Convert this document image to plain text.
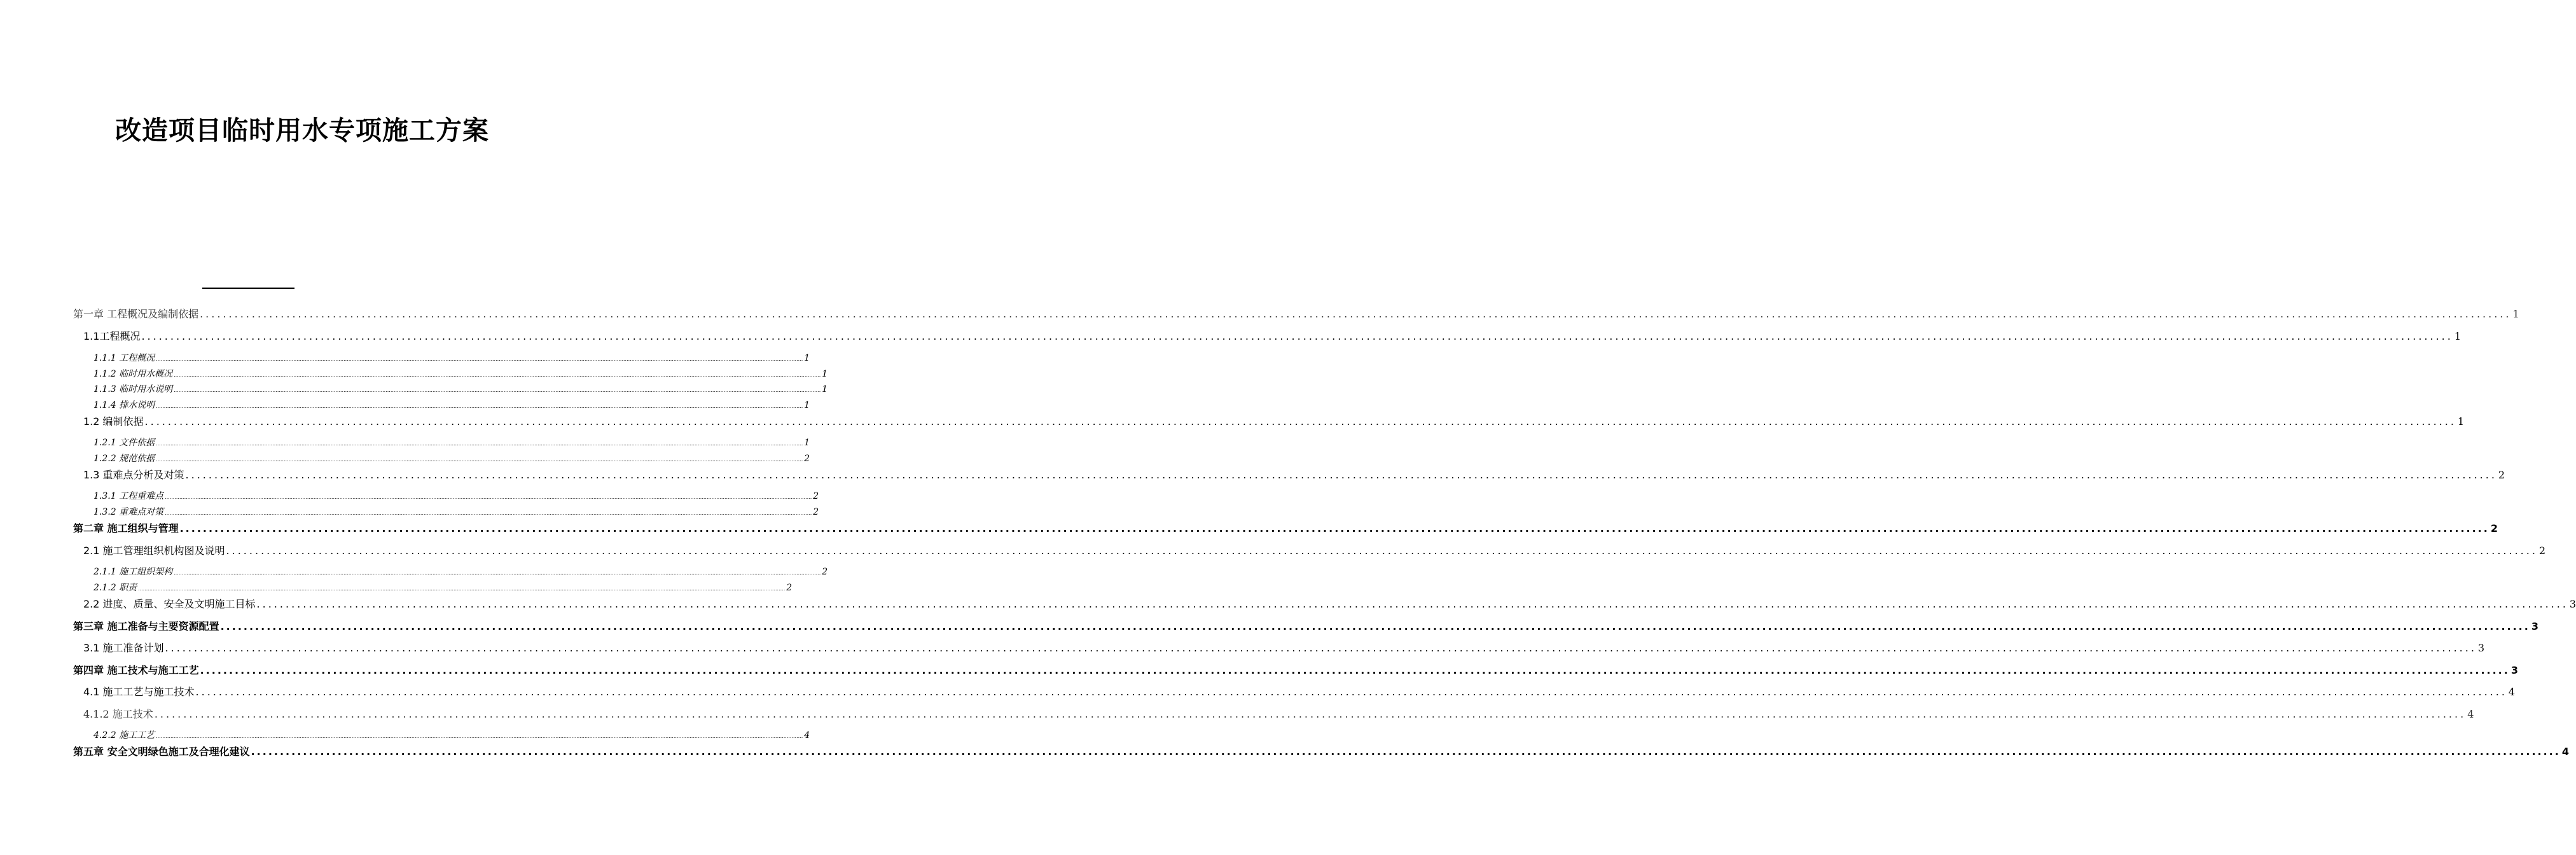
改造项目临时用水专项施工方案
第一章 工程概况及编制依据 ................................................................................................................................................................................................................................................................................................................................................................................................................ 1
1.1工程概况 ................................................................................................................................................................................................................................................................................................................................................................................................................ 1
1.1.1 工程概况 ................................................................................................................................................................................................................................................................................................................................................................................................................ 1
1.1.2 临时用水概况 ................................................................................................................................................................................................................................................................................................................................................................................................................ 1
1.1.3 临时用水说明 ................................................................................................................................................................................................................................................................................................................................................................................................................ 1
1.1.4 排水说明 ................................................................................................................................................................................................................................................................................................................................................................................................................ 1
1.2 编制依据 ................................................................................................................................................................................................................................................................................................................................................................................................................ 1
1.2.1 文件依据 ................................................................................................................................................................................................................................................................................................................................................................................................................ 1
1.2.2 规范依据 ................................................................................................................................................................................................................................................................................................................................................................................................................ 2
1.3 重难点分析及对策 ................................................................................................................................................................................................................................................................................................................................................................................................................ 2
1.3.1 工程重难点 ................................................................................................................................................................................................................................................................................................................................................................................................................ 2
1.3.2 重难点对策 ................................................................................................................................................................................................................................................................................................................................................................................................................ 2
第二章 施工组织与管理 ................................................................................................................................................................................................................................................................................................................................................................................................................ 2
2.1 施工管理组织机构图及说明 ................................................................................................................................................................................................................................................................................................................................................................................................................ 2
2.1.1 施工组织架构 ................................................................................................................................................................................................................................................................................................................................................................................................................ 2
2.1.2 职责 ................................................................................................................................................................................................................................................................................................................................................................................................................ 2
2.2 进度、质量、安全及文明施工目标 ................................................................................................................................................................................................................................................................................................................................................................................................................ 3
第三章 施工准备与主要资源配置 ................................................................................................................................................................................................................................................................................................................................................................................................................ 3
3.1 施工准备计划 ................................................................................................................................................................................................................................................................................................................................................................................................................ 3
第四章 施工技术与施工工艺 ................................................................................................................................................................................................................................................................................................................................................................................................................ 3
4.1 施工工艺与施工技术 ................................................................................................................................................................................................................................................................................................................................................................................................................ 4
4.1.2 施工技术 ................................................................................................................................................................................................................................................................................................................................................................................................................ 4
4.2.2 施工工艺 ................................................................................................................................................................................................................................................................................................................................................................................................................ 4
第五章 安全文明绿色施工及合理化建议 ................................................................................................................................................................................................................................................................................................................................................................................................................ 4
